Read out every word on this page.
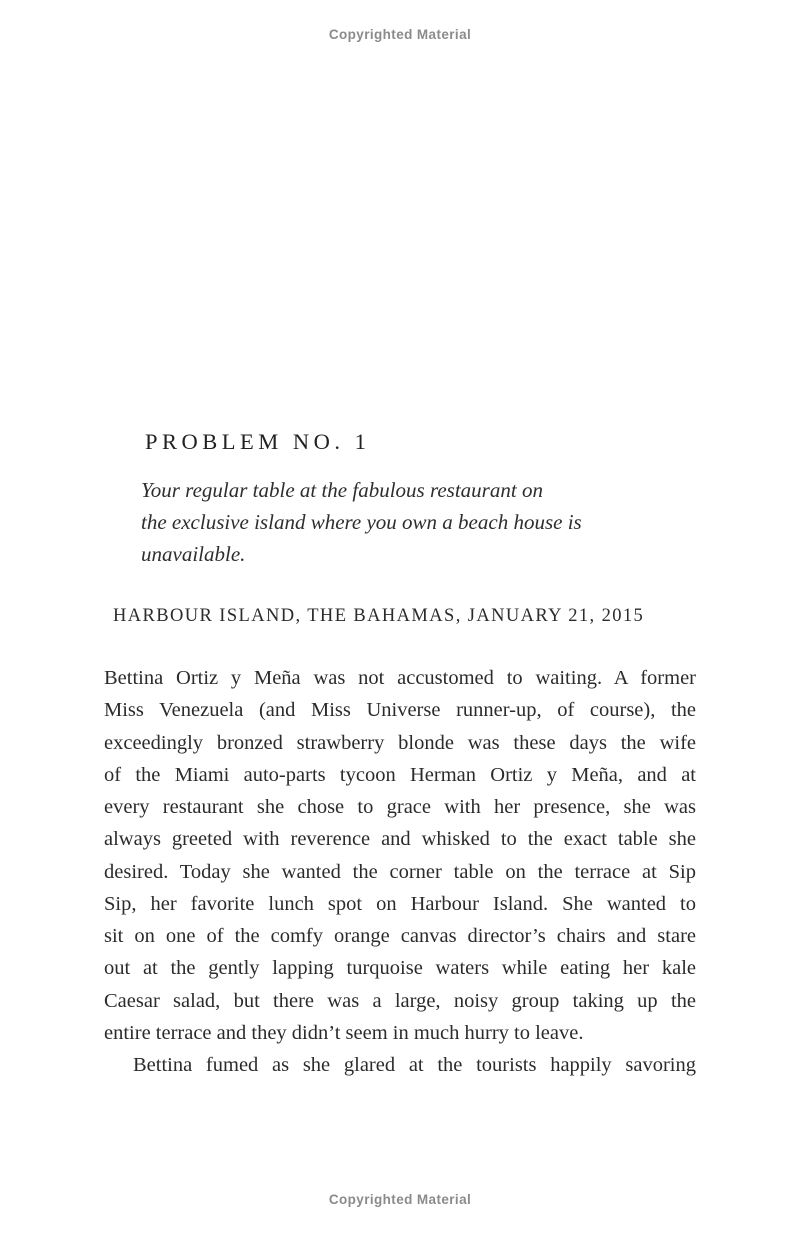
Copyrighted Material
PROBLEM NO. 1
Your regular table at the fabulous restaurant on
the exclusive island where you own a beach house is
unavailable.
HARBOUR ISLAND, THE BAHAMAS, JANUARY 21, 2015
Bettina Ortiz y Meña was not accustomed to waiting. A former
Miss Venezuela (and Miss Universe runner-up, of course), the
exceedingly bronzed strawberry blonde was these days the wife
of the Miami auto-parts tycoon Herman Ortiz y Meña, and at
every restaurant she chose to grace with her presence, she was
always greeted with reverence and whisked to the exact table she
desired. Today she wanted the corner table on the terrace at Sip
Sip, her favorite lunch spot on Harbour Island. She wanted to
sit on one of the comfy orange canvas director’s chairs and stare
out at the gently lapping turquoise waters while eating her kale
Caesar salad, but there was a large, noisy group taking up the
entire terrace and they didn’t seem in much hurry to leave.
Bettina fumed as she glared at the tourists happily savoring
Copyrighted Material
